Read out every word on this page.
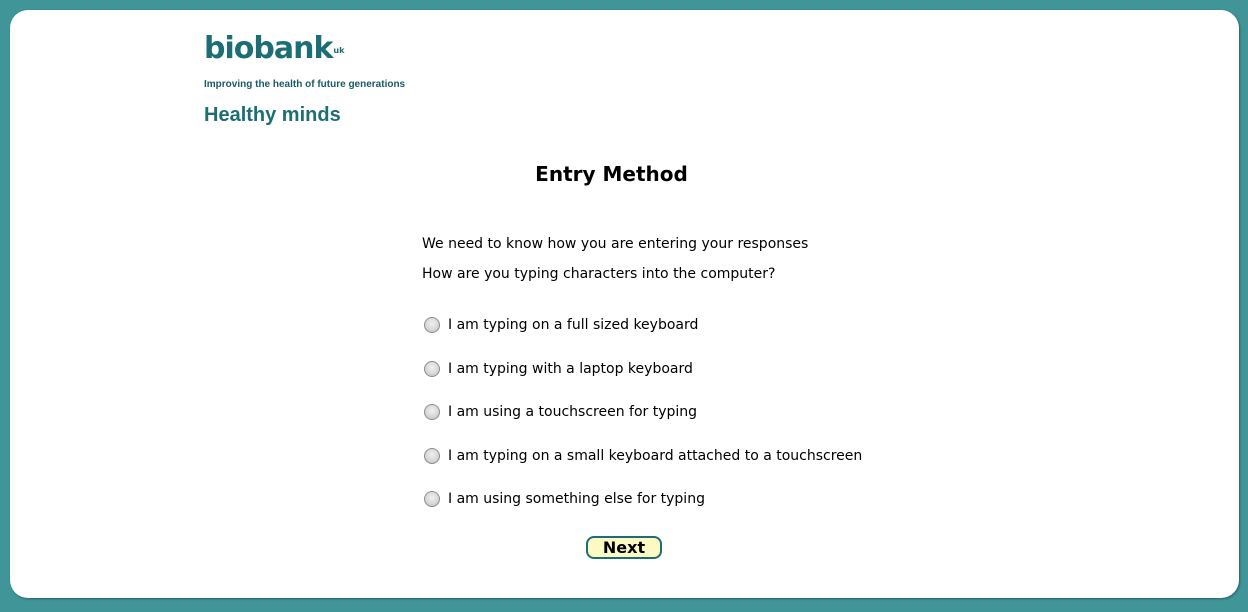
biobank$^{uk}$
Improving the health of future generations
Healthy minds
Entry Method
We need to know how you are entering your responses
How are you typing characters into the computer?
I am typing on a full sized keyboard
I am typing with a laptop keyboard
I am using a touchscreen for typing
I am typing on a small keyboard attached to a touchscreen
I am using something else for typing
Next
